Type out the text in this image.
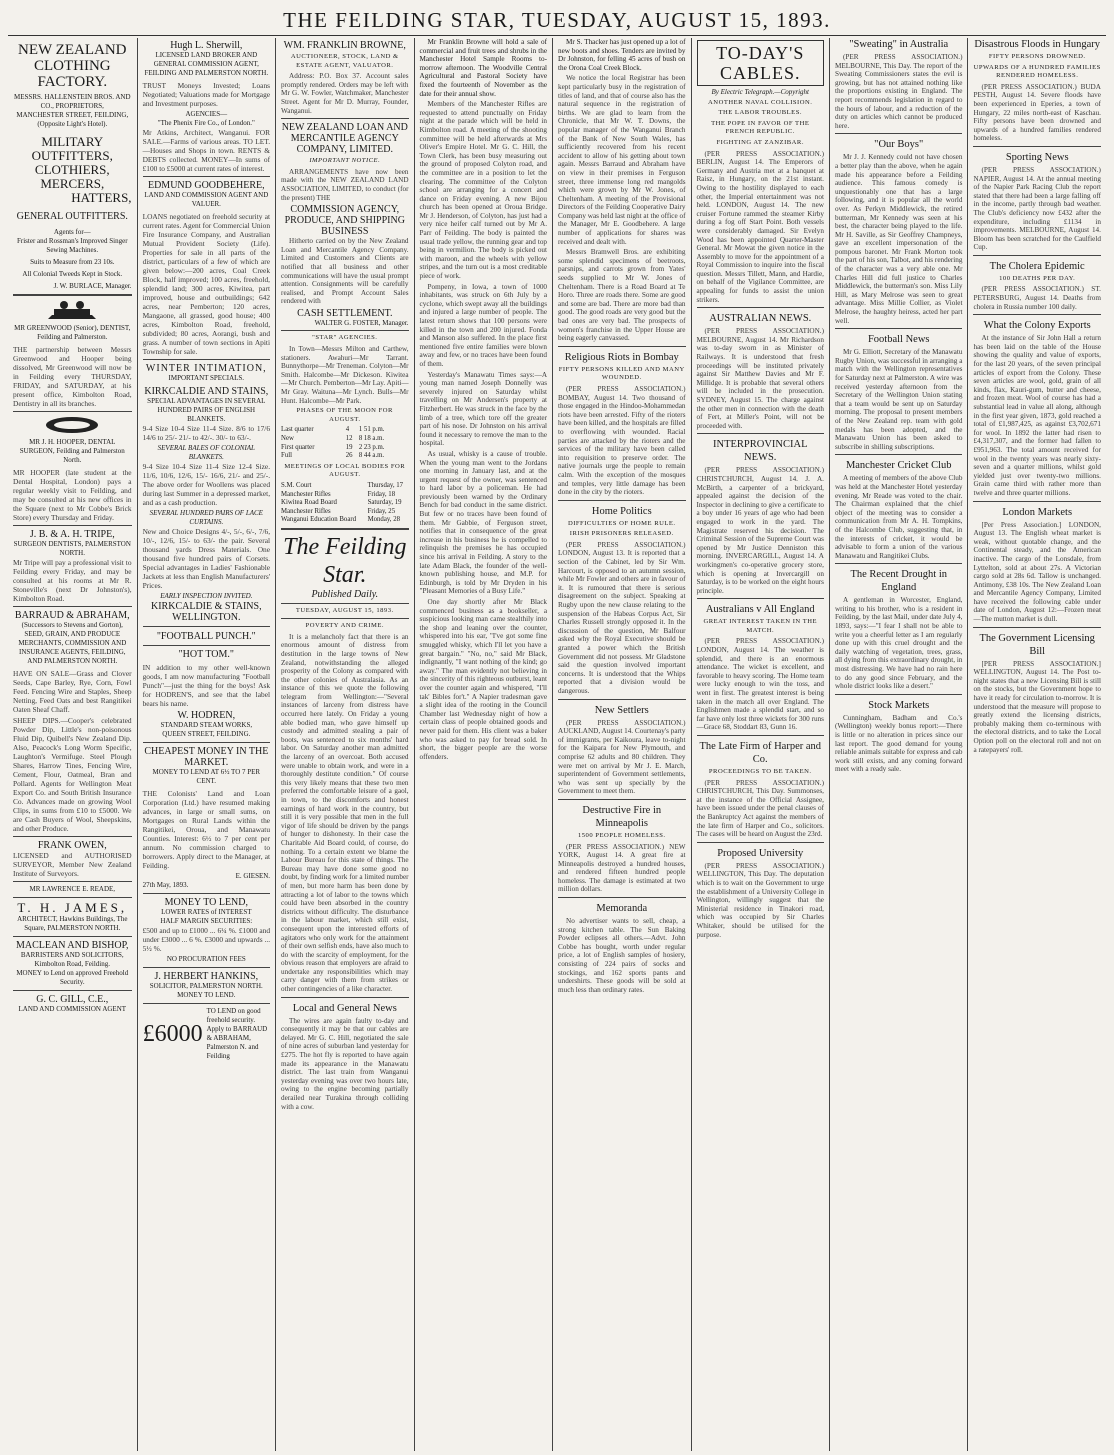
THE FEILDING STAR, TUESDAY, AUGUST 15, 1893.
NEW ZEALAND CLOTHING FACTORY.
MESSRS. HALLENSTEIN BROS. AND CO., PROPRIETORS,
MANCHESTER STREET, FEILDING,
(Opposite Light's Hotel).
MILITARY OUTFITTERS,
CLOTHIERS,
MERCERS,
HATTERS,
GENERAL OUTFITTERS.
Agents for—
Frister and Rossman's Improved Singer Sewing Machines.
Suits to Measure from 23 10s.
All Colonial Tweeds Kept in Stock.
J. W. BURLACE, Manager.
MR GREENWOOD (Senior), DENTIST, Feilding and Palmerston.
THE partnership between Messrs Greenwood and Hooper being dissolved, Mr Greenwood will now be in Feilding every THURSDAY, FRIDAY, and SATURDAY, at his present office, Kimbolton Road, Dentistry in all its branches.
MR J. H. HOOPER, DENTAL SURGEON, Feilding and Palmerston North.
MR HOOPER (late student at the Dental Hospital, London) pays a regular weekly visit to Feilding, and may be consulted at his new offices in the Square (next to Mr Cobbe's Brick Store) every Thursday and Friday.
J. B. & A. H. TRIPE,
SURGEON DENTISTS, PALMERSTON NORTH.
Mr Tripe will pay a professional visit to Feilding every Friday, and may be consulted at his rooms at Mr R. Stoneville's (next Dr Johnston's), Kimbolton Road.
BARRAUD & ABRAHAM,
(Successors to Stevens and Gorton), SEED, GRAIN, AND PRODUCE MERCHANTS, COMMISSION AND INSURANCE AGENTS, FEILDING, AND PALMERSTON NORTH.
HAVE ON SALE—Grass and Clover Seeds, Cape Barley, Rye, Corn, Fowl Feed. Fencing Wire and Staples, Sheep Netting, Feed Oats and best Rangitikei Oaten Sheaf Chaff.
SHEEP DIPS.—Cooper's celebrated Powder Dip, Little's non-poisonous Fluid Dip, Quibell's New Zealand Dip. Also, Peacock's Long Worm Specific, Laughton's Vermifuge. Steel Plough Shares, Harrow Tines, Fencing Wire, Cement, Flour, Oatmeal, Bran and Pollard. Agents for Wellington Meat Export Co. and South British Insurance Co. Advances made on growing Wool Clips, in sums from £10 to £5000. We are Cash Buyers of Wool, Sheepskins, and other Produce.
FRANK OWEN,
LICENSED and AUTHORISED SURVEYOR, Member New Zealand Institute of Surveyors.
MR LAWRENCE E. READE,
T. H. JAMES,
ARCHITECT, Hawkins Buildings, The Square, PALMERSTON NORTH.
MACLEAN AND BISHOP,
BARRISTERS AND SOLICITORS, Kimbolton Road, Feilding.
MONEY to Lend on approved Freehold Security.
G. C. GILL, C.E.,
LAND AND COMMISSION AGENT
Hugh L. Sherwill,
LICENSED LAND BROKER AND GENERAL COMMISSION AGENT, FEILDING AND PALMERSTON NORTH.
TRUST Moneys Invested; Loans Negotiated; Valuations made for Mortgage and Investment purposes.
AGENCIES—
"The Phenix Fire Co., of London."
Mr Atkins, Architect, Wanganui. FOR SALE.—Farms of various areas. TO LET.—Houses and Shops in town. RENTS & DEBTS collected. MONEY—In sums of £100 to £5000 at current rates of interest.
EDMUND GOODBEHERE,
LAND AND COMMISSION AGENT AND VALUER.
LOANS negotiated on freehold security at current rates. Agent for Commercial Union Fire Insurance Company, and Australian Mutual Provident Society (Life). Properties for sale in all parts of the district, particulars of a few of which are given below:—200 acres, Coal Creek Block, half improved; 100 acres, freehold, splendid land; 300 acres, Kiwitea, part improved, house and outbuildings; 642 acres, near Pemberton; 120 acres, Mangaone, all grassed, good house; 400 acres, Kimbolton Road, freehold, subdivided; 80 acres, Aorangi, bush and grass. A number of town sections in Apiti Township for sale.
WINTER INTIMATION,
IMPORTANT SPECIALS.
KIRKCALDIE AND STAINS,
SPECIAL ADVANTAGES IN SEVERAL HUNDRED PAIRS OF ENGLISH BLANKETS.
9-4 Size 10-4 Size 11-4 Size. 8/6 to 17/6 14/6 to 25/- 21/- to 42/-. 30/- to 63/-.
SEVERAL BALES OF COLONIAL BLANKETS.
9-4 Size 10-4 Size 11-4 Size 12-4 Size. 11/6, 10/6, 12/6, 15/- 16/6, 21/- and 25/-. The above order for Woollens was placed during last Summer in a depressed market, and as a cash production.
SEVERAL HUNDRED PAIRS OF LACE CURTAINS.
New and Choice Designs 4/-, 5/-, 6/-, 7/6, 10/-, 12/6, 15/- to 63/- the pair. Several thousand yards Dress Materials. One thousand five hundred pairs of Corsets. Special advantages in Ladies' Fashionable Jackets at less than English Manufacturers' Prices.
EARLY INSPECTION INVITED.
KIRKCALDIE & STAINS, WELLINGTON.
"FOOTBALL PUNCH."
"HOT TOM."
IN addition to my other well-known goods, I am now manufacturing "Football Punch"—just the thing for the boys! Ask for HODREN'S, and see that the label bears his name.
W. HODREN,
STANDARD STEAM WORKS,
QUEEN STREET, FEILDING.
CHEAPEST MONEY IN THE MARKET.
MONEY TO LEND AT 6½ TO 7 PER CENT.
THE Colonists' Land and Loan Corporation (Ltd.) have resumed making advances, in large or small sums, on Mortgages on Rural Lands within the Rangitikei, Oroua, and Manawatu Counties. Interest: 6½ to 7 per cent per annum. No commission charged to borrowers. Apply direct to the Manager, at Feilding.
E. GIESEN.
27th May, 1893.
MONEY TO LEND,
LOWER RATES of INTEREST
HALF MARGIN SECURITIES:
£500 and up to £1000 ... 6¼ %. £1000 and under £3000 ... 6 %. £3000 and upwards ... 5½ %.
NO PROCURATION FEES
J. HERBERT HANKINS,
SOLICITOR, PALMERSTON NORTH.
MONEY TO LEND.
£6000
TO LEND on good freehold security. Apply to BARRAUD & ABRAHAM, Palmerston N. and Feilding
WM. FRANKLIN BROWNE,
AUCTIONEER, STOCK, LAND & ESTATE AGENT, VALUATOR.
Address: P.O. Box 37. Account sales promptly rendered. Orders may be left with Mr G. W. Fowler, Watchmaker, Manchester Street. Agent for Mr D. Murray, Founder, Wanganui.
NEW ZEALAND LOAN AND MERCANTILE AGENCY COMPANY, LIMITED.
IMPORTANT NOTICE.
ARRANGEMENTS have now been made with the NEW ZEALAND LAND ASSOCIATION, LIMITED, to conduct (for the present) THE
COMMISSION AGENCY, PRODUCE, AND SHIPPING BUSINESS
Hitherto carried on by the New Zealand Loan and Mercantile Agency Company. Limited and Customers and Clients are notified that all business and other communications will have the usual prompt attention. Consignments will be carefully realised, and Prompt Account Sales rendered with
CASH SETTLEMENT.
WALTER G. FOSTER, Manager.
"STAR" AGENCIES.
In Town—Messrs Milton and Carthew, stationers. Awahuri—Mr Tarrant. Bunnythorpe—Mr Treneman. Colyton—Mr Smith. Halcombe—Mr Dickeson. Kiwitea—Mr Church. Pemberton—Mr Lay. Apiti—Mr Gray. Waituna—Mr Lynch. Bulls—Mr Hunt. Halcombe—Mr Park.
PHASES OF THE MOON FOR AUGUST.
Last quarter	4	1 51 p.m.
New	12	8 18 a.m.
First quarter	19	2 23 p.m.
Full	26	8 44 a.m.
MEETINGS OF LOCAL BODIES FOR AUGUST.
S.M. Court	Thursday, 17
Manchester Rifles	Friday, 18
Kiwitea Road Board	Saturday, 19
Manchester Rifles	Friday, 25
Wanganui Education Board	Monday, 28
The Feilding Star.
Published Daily.
TUESDAY, AUGUST 15, 1893.
POVERTY AND CRIME.
It is a melancholy fact that there is an enormous amount of distress from destitution in the large towns of New Zealand, notwithstanding the alleged prosperity of the Colony as compared with the other colonies of Australasia. As an instance of this we quote the following telegram from Wellington:—"Several instances of larceny from distress have occurred here lately. On Friday a young able bodied man, who gave himself up custody and admitted stealing a pair of boots, was sentenced to six months' hard labor. On Saturday another man admitted the larceny of an overcoat. Both accused were unable to obtain work, and were in a thoroughly destitute condition." Of course this very likely means that these two men preferred the comfortable leisure of a gaol, in town, to the discomforts and honest earnings of hard work in the country, but still it is very possible that men in the full vigor of life should be driven by the pangs of hunger to dishonesty. In their case the Charitable Aid Board could, of course, do nothing. To a certain extent we blame the Labour Bureau for this state of things. The Bureau may have done some good no doubt, by finding work for a limited number of men, but more harm has been done by attracting a lot of labor to the towns which could have been absorbed in the country districts without difficulty. The disturbance in the labour market, which still exist, consequent upon the interested efforts of agitators who only work for the attainment of their own selfish ends, have also much to do with the scarcity of employment, for the obvious reason that employers are afraid to undertake any responsibilities which may carry danger with them from strikes or other contingencies of a like character.
Local and General News
The wires are again faulty to-day and consequently it may be that our cables are delayed. Mr G. C. Hill, negotiated the sale of nine acres of suburban land yesterday for £275. The hot fly is reported to have again made its appearance in the Manawatu district. The last train from Wanganui yesterday evening was over two hours late, owing to the engine becoming partially derailed near Turakina through colliding with a cow.
Mr Franklin Browne will hold a sale of commercial and fruit trees and shrubs in the Manchester Hotel Sample Rooms to-morrow afternoon. The Woodville Central Agricultural and Pastoral Society have fixed the fourteenth of November as the date for their annual show.
Members of the Manchester Rifles are requested to attend punctually on Friday night at the parade which will be held in Kimbolton road. A meeting of the shooting committee will be held afterwards at Mrs Oliver's Empire Hotel. Mr G. C. Hill, the Town Clerk, has been busy measuring out the ground of proposed Colyton road, and the committee are in a position to let the clearing. The committee of the Colyton school are arranging for a concert and dance on Friday evening. A new Bijou church has been opened at Oroua Bridge. Mr J. Henderson, of Colyton, has just had a very nice heifer calf turned out by Mr A. Parr of Feilding. The body is painted the usual trade yellow, the running gear and top being in vermilion. The body is picked out with maroon, and the wheels with yellow stripes, and the turn out is a most creditable piece of work.
Pompeny, in Iowa, a town of 1000 inhabitants, was struck on 6th July by a cyclone, which swept away all the buildings and injured a large number of people. The latest return shows that 100 persons were killed in the town and 200 injured. Fonda and Manson also suffered. In the place first mentioned five entire families were blown away and few, or no traces have been found of them.
Yesterday's Manawatu Times says:—A young man named Joseph Donnelly was severely injured on Saturday whilst travelling on Mr Andersen's property at Fitzherbert. He was struck in the face by the limb of a tree, which tore off the greater part of his nose. Dr Johnston on his arrival found it necessary to remove the man to the hospital.
As usual, whisky is a cause of trouble. When the young man went to the Jordans one morning in January last, and at the urgent request of the owner, was sentenced to hard labor by a policeman. He had previously been warned by the Ordinary Bench for bad conduct in the same district. But few or no traces have been found of them. Mr Gabbie, of Ferguson street, notifies that in consequence of the great increase in his business he is compelled to relinquish the premises he has occupied since his arrival in Feilding. A story to the late Adam Black, the founder of the well-known publishing house, and M.P. for Edinburgh, is told by Mr Dryden in his "Pleasant Memories of a Busy Life."
One day shortly after Mr Black commenced business as a bookseller, a suspicious looking man came stealthily into the shop and leaning over the counter, whispered into his ear, "I've got some fine smuggled whisky, which I'll let you have a great bargain." "No, no," said Mr Black, indignantly, "I want nothing of the kind; go away." The man evidently not believing in the sincerity of this righteous outburst, leant over the counter again and whispered, "I'll tak' Bibles for't." A Napier tradesman gave a slight idea of the rooting in the Council Chamber last Wednesday night of how a certain class of people obtained goods and never paid for them. His client was a baker who was asked to pay for bread sold. In short, the bigger people are the worse offenders.
Mr S. Thacker has just opened up a lot of new boots and shoes. Tenders are invited by Dr Johnston, for felling 45 acres of bush on the Orona Coal Creek Block.
We notice the local Registrar has been kept particularly busy in the registration of titles of land, and that of course also has the natural sequence in the registration of births. We are glad to learn from the Chronicle, that Mr W. T. Downs, the popular manager of the Wanganui Branch of the Bank of New South Wales, has sufficiently recovered from his recent accident to allow of his getting about town again. Messrs Barraud and Abraham have on view in their premises in Ferguson street, three immense long red mangolds which were grown by Mr W. Jones, of Cheltenham. A meeting of the Provisional Directors of the Feilding Cooperative Dairy Company was held last night at the office of the Manager, Mr E. Goodbehere. A large number of applications for shares was received and dealt with.
Messrs Bramwell Bros. are exhibiting some splendid specimens of beetroots, parsnips, and carrots grown from Yates' seeds supplied to Mr W. Jones of Cheltenham. There is a Road Board at Te Horo. Three are roads there. Some are good and some are bad. There are more bad than good. The good roads are very good but the bad ones are very bad. The prospects of women's franchise in the Upper House are being eagerly canvassed.
Religious Riots in Bombay
FIFTY PERSONS KILLED AND MANY WOUNDED.
(PER PRESS ASSOCIATION.) BOMBAY, August 14. Two thousand of those engaged in the Hindoo-Mohammedan riots have been arrested. Fifty of the rioters have been killed, and the hospitals are filled to overflowing with wounded. Racial parties are attacked by the rioters and the services of the military have been called into requisition to preserve order. The native journals urge the people to remain calm. With the exception of the mosques and temples, very little damage has been done in the city by the rioters.
Home Politics
DIFFICULTIES OF HOME RULE.
IRISH PRISONERS RELEASED.
(PER PRESS ASSOCIATION.) LONDON, August 13. It is reported that a section of the Cabinet, led by Sir Wm. Harcourt, is opposed to an autumn session, while Mr Fowler and others are in favour of it. It is rumoured that there is serious disagreement on the subject. Speaking at Rugby upon the new clause relating to the suspension of the Habeas Corpus Act, Sir Charles Russell strongly opposed it. In the discussion of the question, Mr Balfour asked why the Royal Executive should be granted a power which the British Government did not possess. Mr Gladstone said the question involved important concerns. It is understood that the Whips reported that a division would be dangerous.
New Settlers
(PER PRESS ASSOCIATION.) AUCKLAND, August 14. Courtenay's party of immigrants, per Kaikoura, leave to-night for the Kaipara for New Plymouth, and comprise 62 adults and 80 children. They were met on arrival by Mr J. E. March, superintendent of Government settlements, who was sent up specially by the Government to meet them.
Destructive Fire in Minneapolis
1500 PEOPLE HOMELESS.
(PER PRESS ASSOCIATION.) NEW YORK, August 14. A great fire at Minneapolis destroyed a hundred houses, and rendered fifteen hundred people homeless. The damage is estimated at two million dollars.
Memoranda
No advertiser wants to sell, cheap, a strong kitchen table. The Sun Baking Powder eclipses all others.—Advt. John Cobbe has bought, worth under regular price, a lot of English samples of hosiery, consisting of 224 pairs of socks and stockings, and 162 sports pants and undershirts. These goods will be sold at much less than ordinary rates.
TO-DAY'S CABLES.
By Electric Telegraph.—Copyright
ANOTHER NAVAL COLLISION.
THE LABOR TROUBLES.
THE POPE IN FAVOR OF THE FRENCH REPUBLIC.
FIGHTING AT ZANZIBAR.
(PER PRESS ASSOCIATION.) BERLIN, August 14. The Emperors of Germany and Austria met at a banquet at Raisz, in Hungary, on the 21st instant. Owing to the hostility displayed to each other, the Imperial entertainment was not held. LONDON, August 14. The new cruiser Fortune rammed the steamer Kirby during a fog off Start Point. Both vessels were considerably damaged. Sir Evelyn Wood has been appointed Quarter-Master General. Mr Mowat the given notice in the Assembly to move for the appointment of a Royal Commission to inquire into the fiscal question. Messrs Tillett, Mann, and Hardie, on behalf of the Vigilance Committee, are appealing for funds to assist the union strikers.
AUSTRALIAN NEWS.
(PER PRESS ASSOCIATION.) MELBOURNE, August 14. Mr Richardson was to-day sworn in as Minister of Railways. It is understood that fresh proceedings will be instituted privately against Sir Matthew Davies and Mr F. Millidge. It is probable that several others will be included in the prosecution. SYDNEY, August 15. The charge against the other men in connection with the death of Fert, at Miller's Point, will not be proceeded with.
INTERPROVINCIAL NEWS.
(PER PRESS ASSOCIATION.) CHRISTCHURCH, August 14. J. A. McBirth, a carpenter of a brickyard, appealed against the decision of the Inspector in declining to give a certificate to a boy under 16 years of age who had been engaged to work in the yard. The Magistrate reserved his decision. The Criminal Session of the Supreme Court was opened by Mr Justice Denniston this morning. INVERCARGILL, August 14. A workingmen's co-operative grocery store, which is opening at Invercargill on Saturday, is to be worked on the eight hours principle.
Australians v All England
GREAT INTEREST TAKEN IN THE MATCH.
(PER PRESS ASSOCIATION.) LONDON, August 14. The weather is splendid, and there is an enormous attendance. The wicket is excellent, and favorable to heavy scoring. The Home team were lucky enough to win the toss, and went in first. The greatest interest is being taken in the match all over England. The Englishmen made a splendid start, and so far have only lost three wickets for 300 runs—Grace 68, Stoddart 83, Gunn 16.
The Late Firm of Harper and Co.
PROCEEDINGS TO BE TAKEN.
(PER PRESS ASSOCIATION.) CHRISTCHURCH, This Day. Summonses, at the instance of the Official Assignee, have been issued under the penal clauses of the Bankruptcy Act against the members of the late firm of Harper and Co., solicitors. The cases will be heard on August the 23rd.
Proposed University
(PER PRESS ASSOCIATION.) WELLINGTON, This Day. The deputation which is to wait on the Government to urge the establishment of a University College in Wellington, willingly suggest that the Ministerial residence in Tinakori road, which was occupied by Sir Charles Whitaker, should be utilised for the purpose.
"Sweating" in Australia
(PER PRESS ASSOCIATION.) MELBOURNE, This Day. The report of the Sweating Commissioners states the evil is growing, but has not attained nothing like the proportions existing in England. The report recommends legislation in regard to the hours of labour, and a reduction of the duty on articles which cannot be produced here.
"Our Boys"
Mr J. J. Kennedy could not have chosen a better play than the above, when he again made his appearance before a Feilding audience. This famous comedy is unquestionably one that has a large following, and it is popular all the world over. As Perkyn Middlewick, the retired butterman, Mr Kennedy was seen at his best, the character being played to the life. Mr H. Saville, as Sir Geoffrey Champneys, gave an excellent impersonation of the pompous baronet. Mr Frank Morton took the part of his son, Talbot, and his rendering of the character was a very able one. Mr Charles Hill did full justice to Charles Middlewick, the butterman's son. Miss Lily Hill, as Mary Melrose was seen to great advantage. Miss Millie Collier, as Violet Melrose, the haughty heiress, acted her part well.
Football News
Mr G. Elliott, Secretary of the Manawatu Rugby Union, was successful in arranging a match with the Wellington representatives for Saturday next at Palmerston. A wire was received yesterday afternoon from the Secretary of the Wellington Union stating that a team would be sent up on Saturday morning. The proposal to present members of the New Zealand rep. team with gold medals has been adopted, and the Manawatu Union has been asked to subscribe in shilling subscriptions.
Manchester Cricket Club
A meeting of members of the above Club was held at the Manchester Hotel yesterday evening. Mr Reade was voted to the chair. The Chairman explained that the chief object of the meeting was to consider a communication from Mr A. H. Tompkins, of the Halcombe Club, suggesting that, in the interests of cricket, it would be advisable to form a union of the various Manawatu and Rangitikei Clubs.
The Recent Drought in England
A gentleman in Worcester, England, writing to his brother, who is a resident in Feilding, by the last Mail, under date July 4, 1893, says:—"I fear I shall not be able to write you a cheerful letter as I am regularly done up with this cruel drought and the daily watching of vegetation, trees, grass, all dying from this extraordinary drought, in most distressing. We have had no rain here to do any good since February, and the whole district looks like a desert."
Stock Markets
Cunningham, Badham and Co.'s (Wellington) weekly bonus report:—There is little or no alteration in prices since our last report. The good demand for young reliable animals suitable for express and cab work still exists, and any coming forward meet with a ready sale.
Disastrous Floods in Hungary
FIFTY PERSONS DROWNED.
UPWARDS OF A HUNDRED FAMILIES RENDERED HOMELESS.
(PER PRESS ASSOCIATION.) BUDA PESTH, August 14. Severe floods have been experienced in Eperies, a town of Hungary, 22 miles north-east of Kaschau. Fifty persons have been drowned and upwards of a hundred families rendered homeless.
Sporting News
(PER PRESS ASSOCIATION.) NAPIER, August 14. At the annual meeting of the Napier Park Racing Club the report stated that there had been a large falling off in the income, partly through bad weather. The Club's deficiency now £432 after the expenditure, including £1134 in improvements. MELBOURNE, August 14. Bloom has been scratched for the Caulfield Cup.
The Cholera Epidemic
100 DEATHS PER DAY.
(PER PRESS ASSOCIATION.) ST. PETERSBURG, August 14. Deaths from cholera in Russia number 100 daily.
What the Colony Exports
At the instance of Sir John Hall a return has been laid on the table of the House showing the quality and value of exports, for the last 20 years, of the seven principal articles of export from the Colony. These seven articles are wool, gold, grain of all kinds, flax, Kauri-gum, butter and cheese, and frozen meat. Wool of course has had a substantial lead in value all along, although in the first year given, 1873, gold reached a total of £1,987,425, as against £3,702,671 for wool. In 1892 the latter had risen to £4,317,307, and the former had fallen to £951,963. The total amount received for wool in the twenty years was nearly sixty-seven and a quarter millions, whilst gold yielded just over twenty-two millions. Grain came third with rather more than twelve and three quarter millions.
London Markets
[Per Press Association.] LONDON, August 13. The English wheat market is weak, without quotable change, and the Continental steady, and the American inactive. The cargo of the Lonsdale, from Lyttelton, sold at about 27s. A Victorian cargo sold at 28s 6d. Tallow is unchanged. Antimony, £38 10s. The New Zealand Loan and Mercantile Agency Company, Limited have received the following cable under date of London, August 12:—Frozen meat—The mutton market is dull.
The Government Licensing Bill
[PER PRESS ASSOCIATION.] WELLINGTON, August 14. The Post to-night states that a new Licensing Bill is still on the stocks, but the Government hope to have it ready for circulation to-morrow. It is understood that the measure will propose to greatly extend the licensing districts, probably making them co-terminous with the electoral districts, and to take the Local Option poll on the electoral roll and not on a ratepayers' roll.
